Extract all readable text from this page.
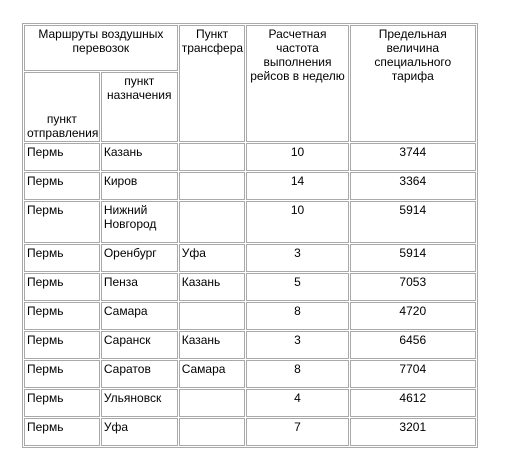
Маршруты воздушных перевозок		Пункт трансфера	Расчетная частота выполнения рейсов в неделю	Предельная величина специального тарифа
пункт отправления	пункт назначения			
Пермь	Казань		10	3744
Пермь	Киров		14	3364
Пермь	Нижний Новгород		10	5914
Пермь	Оренбург	Уфа	3	5914
Пермь	Пенза	Казань	5	7053
Пермь	Самара		8	4720
Пермь	Саранск	Казань	3	6456
Пермь	Саратов	Самара	8	7704
Пермь	Ульяновск		4	4612
Пермь	Уфа		7	3201
